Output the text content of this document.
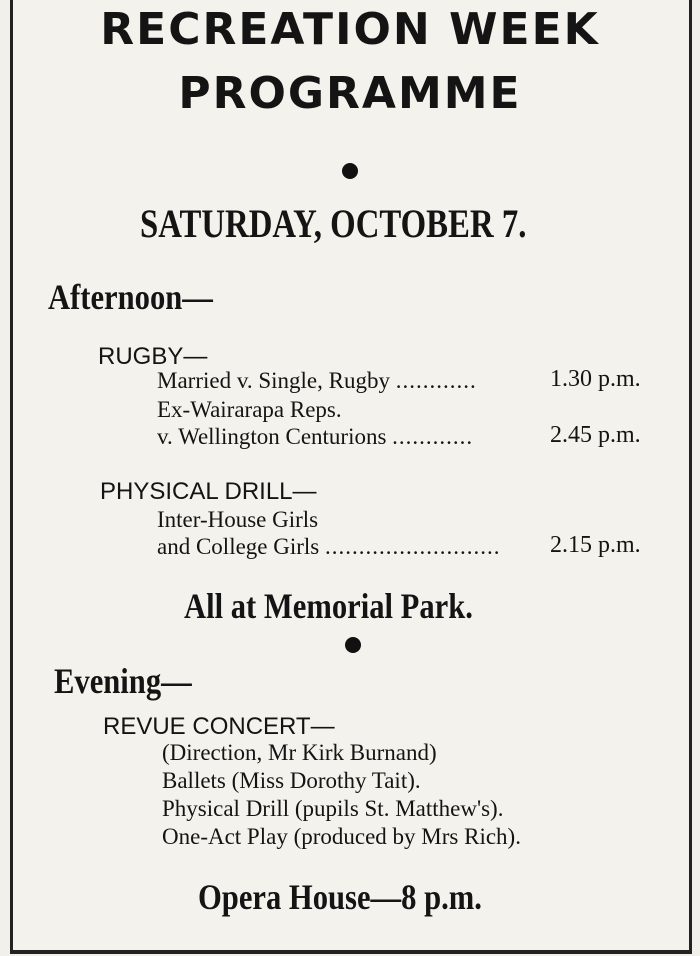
RECREATION WEEK
PROGRAMME
SATURDAY, OCTOBER 7.
Afternoon—
RUGBY—
Married v. Single, Rugby ............	1.30 p.m.
Ex-Wairarapa Reps.
v. Wellington Centurions ............	2.45 p.m.
PHYSICAL DRILL—
Inter-House Girls
and College Girls .......................... 2.15 p.m.
All at Memorial Park.
Evening—
REVUE CONCERT—
(Direction, Mr Kirk Burnand)
Ballets (Miss Dorothy Tait).
Physical Drill (pupils St. Matthew's).
One-Act Play (produced by Mrs Rich).
Opera House—8 p.m.
